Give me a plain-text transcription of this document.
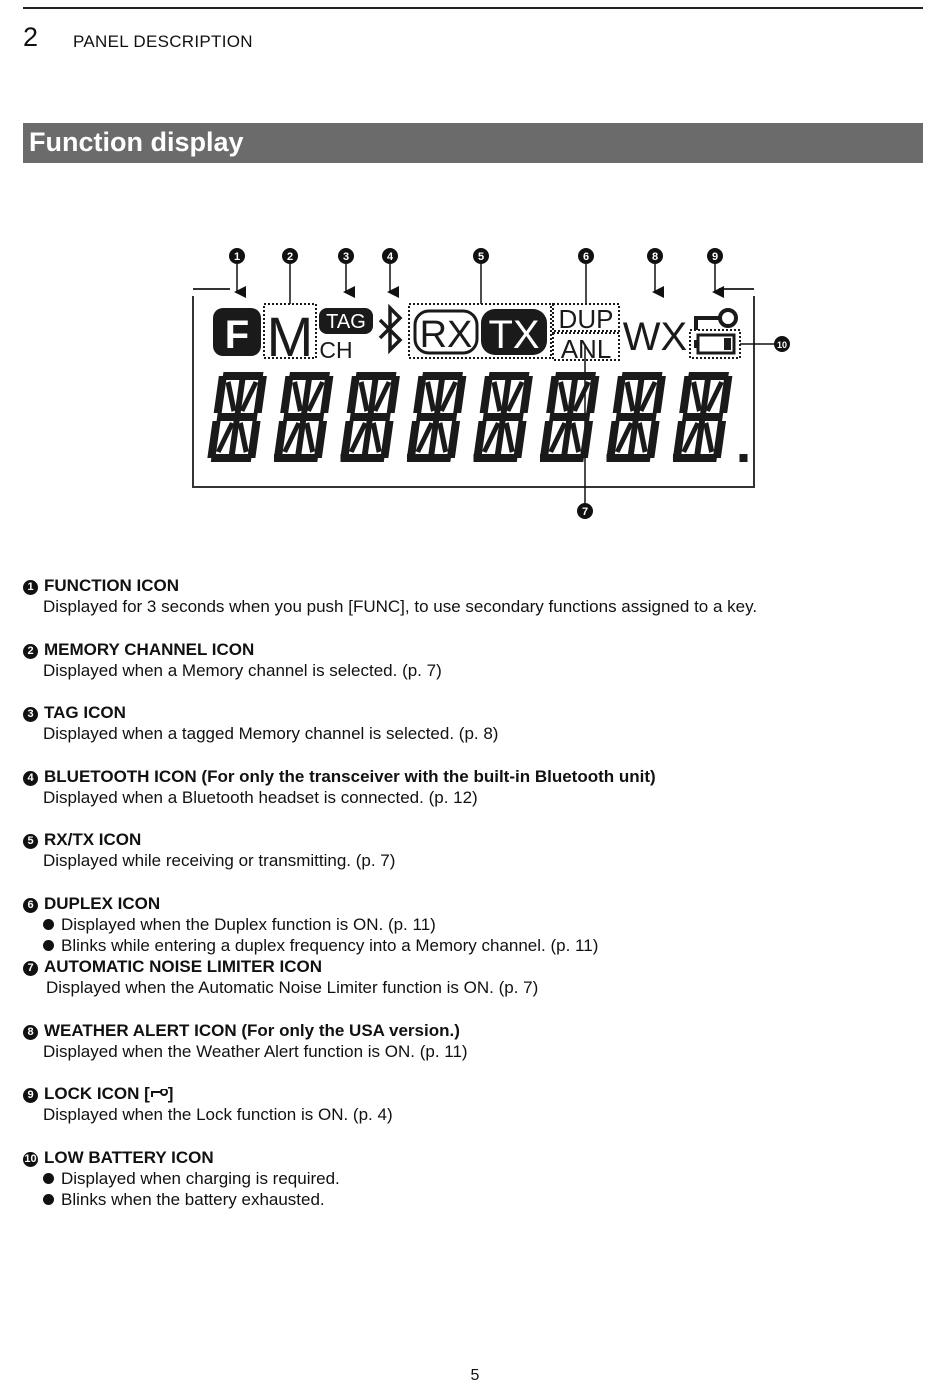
2 PANEL DESCRIPTION
Function display
1	2	3	4	5	6	8	9
10
7
F M TAG
CH RX TX DUP
ANL WX
1 FUNCTION ICON
Displayed for 3 seconds when you push [FUNC], to use secondary functions assigned to a key.
2 MEMORY CHANNEL ICON
Displayed when a Memory channel is selected. (p. 7)
3 TAG ICON
Displayed when a tagged Memory channel is selected. (p. 8)
4 BLUETOOTH ICON (For only the transceiver with the built-in Bluetooth unit)
Displayed when a Bluetooth headset is connected. (p. 12)
5 RX/TX ICON
Displayed while receiving or transmitting. (p. 7)
6 DUPLEX ICON
Displayed when the Duplex function is ON. (p. 11)
Blinks while entering a duplex frequency into a Memory channel. (p. 11)
7 AUTOMATIC NOISE LIMITER ICON
Displayed when the Automatic Noise Limiter function is ON. (p. 7)
8 WEATHER ALERT ICON (For only the USA version.)
Displayed when the Weather Alert function is ON. (p. 11)
9 LOCK ICON [ ]
Displayed when the Lock function is ON. (p. 4)
10 LOW BATTERY ICON
Displayed when charging is required.
Blinks when the battery exhausted.
5
